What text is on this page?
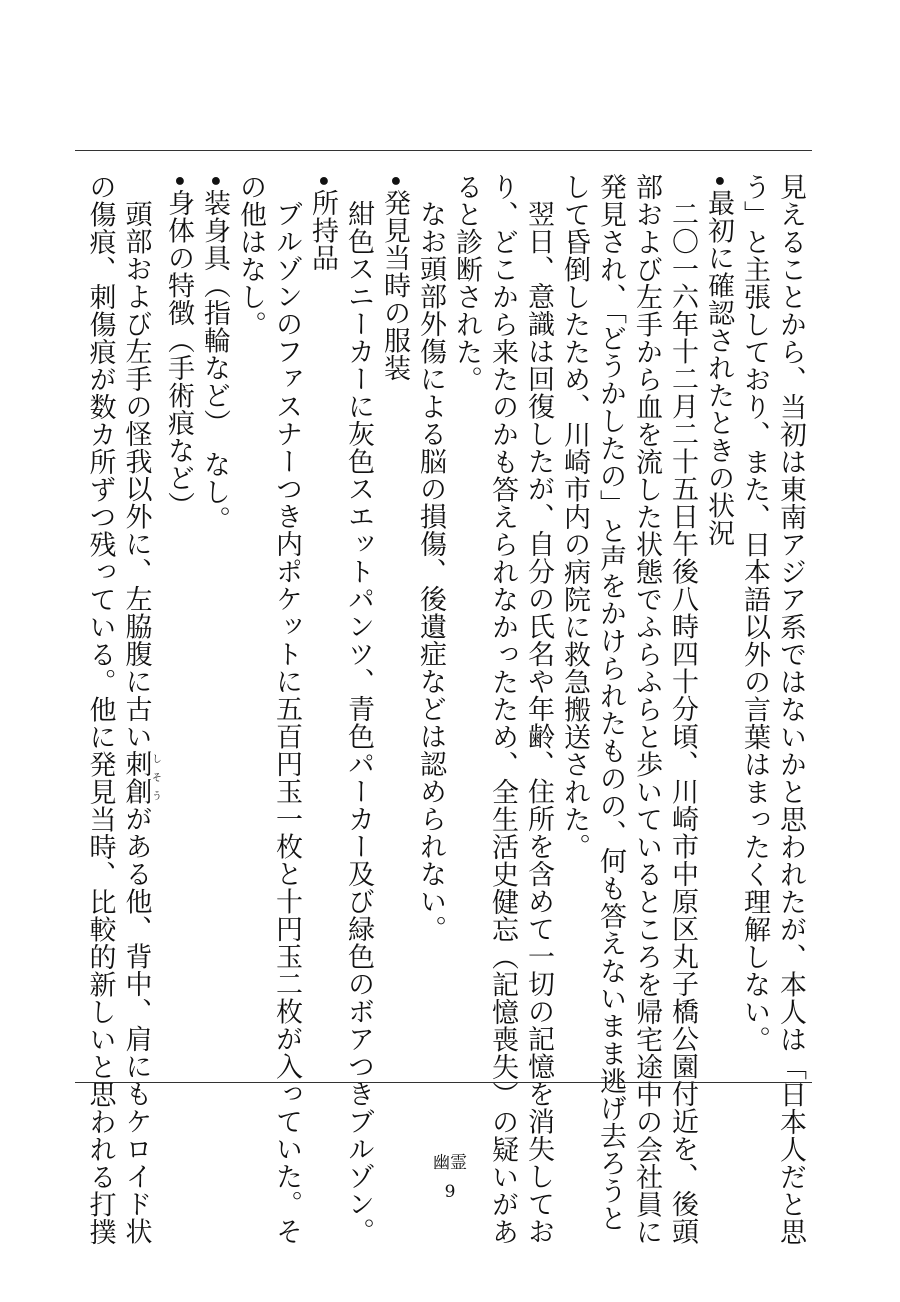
見えることから、当初は東南アジア系ではないかと思われたが、本人は「日本人だと思
う」と主張しており、また、日本語以外の言葉はまったく理解しない。
•最初に確認されたときの状況
二〇一六年十二月二十五日午後八時四十分頃、川崎市中原区丸子橋公園付近を、後頭
部および左手から血を流した状態でふらふらと歩いているところを帰宅途中の会社員に
発見され、「どうかしたの」と声をかけられたものの、何も答えないまま逃げ去ろうと
して昏倒したため、川崎市内の病院に救急搬送された。
翌日、意識は回復したが、自分の氏名や年齢、住所を含めて一切の記憶を消失してお
り、どこから来たのかも答えられなかったため、全生活史健忘（記憶喪失）の疑いがあ
ると診断された。
なお頭部外傷による脳の損傷、後遺症などは認められない。
•発見当時の服装
紺色スニーカーに灰色スエットパンツ、青色パーカー及び緑色のボアつきブルゾン。
•所持品
ブルゾンのファスナーつき内ポケットに五百円玉一枚と十円玉二枚が入っていた。そ
の他はなし。
•装身具（指輪など）　なし。
•身体の特徴（手術痕など）
頭部および左手の怪我以外に、左脇腹に古い刺創しそうがある他、背中、肩にもケロイド状
の傷痕、刺傷痕が数カ所ずつ残っている。他に発見当時、比較的新しいと思われる打撲	幽霊
9
